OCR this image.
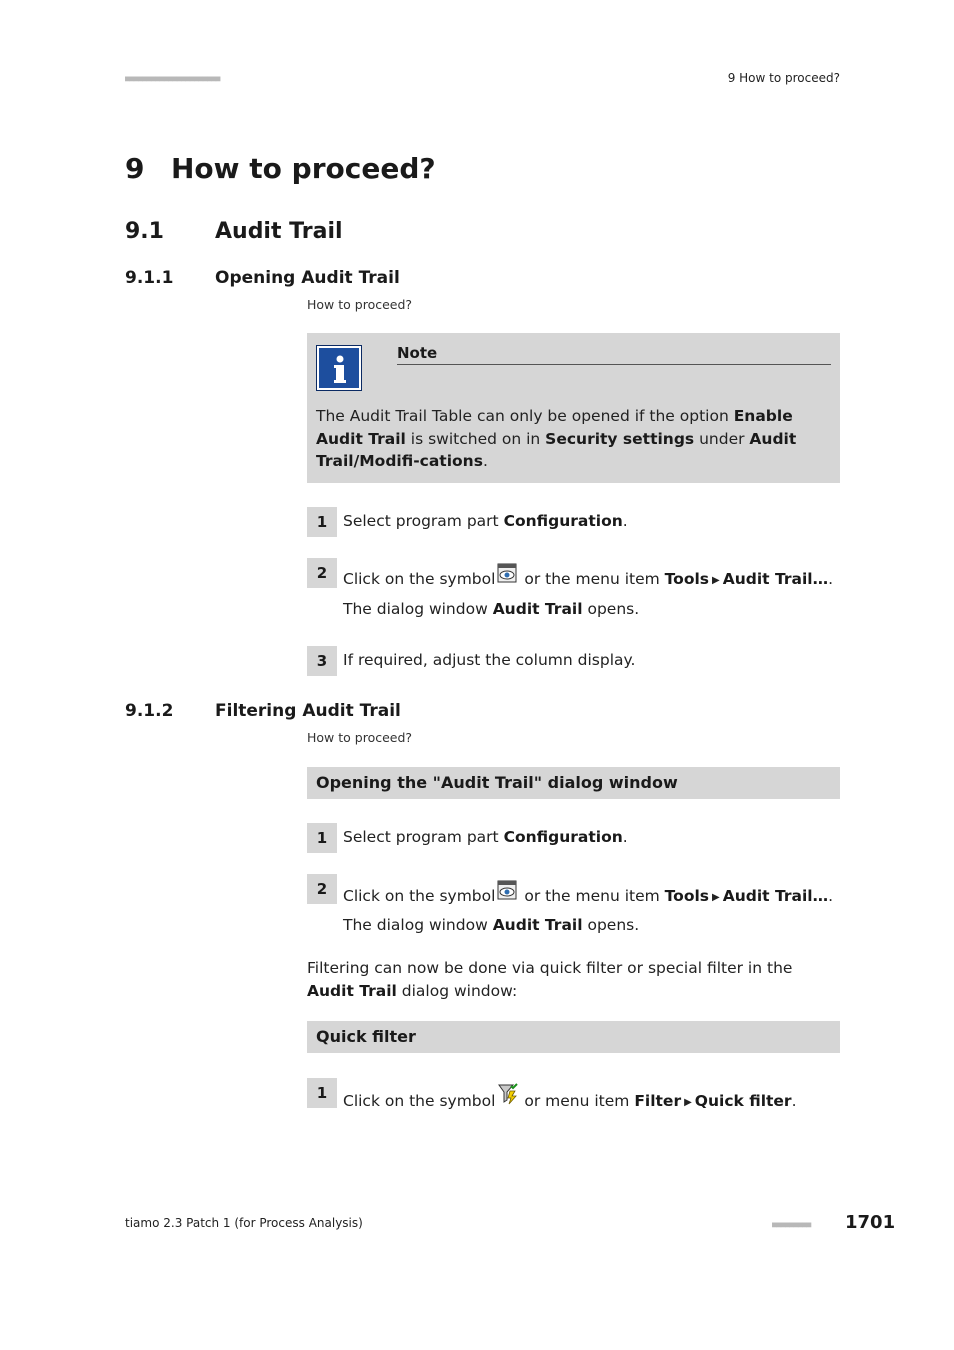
■■■■■■■■■■■■■■■■■■■■■■	9 How to proceed?
9 How to proceed?
9.1 Audit Trail
9.1.1 Opening Audit Trail
How to proceed?
Note
The Audit Trail Table can only be opened if the option Enable Audit Trail is switched on in Security settings under Audit Trail/Modifi-cations.
1	Select program part Configuration.
2	Click on the symbol or the menu item Tools ▶ Audit Trail….
The dialog window Audit Trail opens.
3	If required, adjust the column display.
9.1.2 Filtering Audit Trail
How to proceed?
Opening the "Audit Trail" dialog window
1	Select program part Configuration.
2	Click on the symbol or the menu item Tools ▶ Audit Trail….
The dialog window Audit Trail opens.
Filtering can now be done via quick filter or special filter in the Audit Trail dialog window:
Quick filter
1	Click on the symbol or menu item Filter ▶ Quick filter.
tiamo 2.3 Patch 1 (for Process Analysis)	■■■■■■■■■ 1701
